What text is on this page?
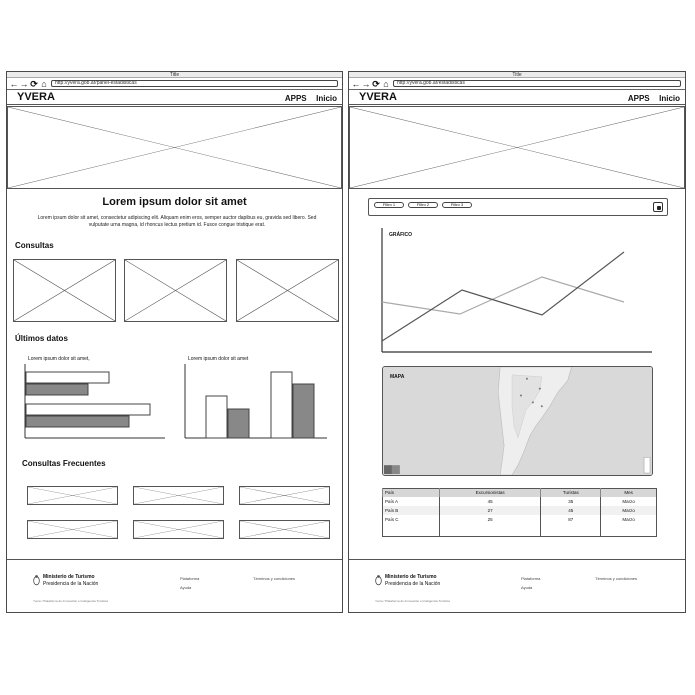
Title
← → ⟳ ⌂	http://yvera.gob.ar/panel-estadisticas
YVERA	APPS Inicio
Lorem ipsum dolor sit amet
Lorem ipsum dolor sit amet, consectetur adipiscing elit. Aliquam enim eros, semper auctor dapibus eu, gravida sed libero. Sed vulputate urna magna, id rhoncus lectus pretium id. Fusce congue tristique erat.
Consultas
Últimos datos
Lorem ipsum dolor sit amet,	Lorem ipsum dolor sit amet
Consultas Frecuentes
Ministerio de Turismo
Presidencia de la Nación
Plataforma
Ayuda
Términos y condiciones
Yvera / Plataforma de Innovación e Inteligencia Turística
Title
← → ⟳ ⌂	http://yvera.gob.ar/estadisticas
YVERA	APPS Inicio
Filtro 1	Filtro 2	Filtro 3
GRÁFICO
MAPA
País	Excursionistas	Turistas	Mes
País A	45	35	Marzo
País B	27	45	Marzo
País C	25	87	Marzo

Ministerio de Turismo
Presidencia de la Nación
Plataforma
Ayuda
Términos y condiciones
Yvera / Plataforma de Innovación e Inteligencia Turística
